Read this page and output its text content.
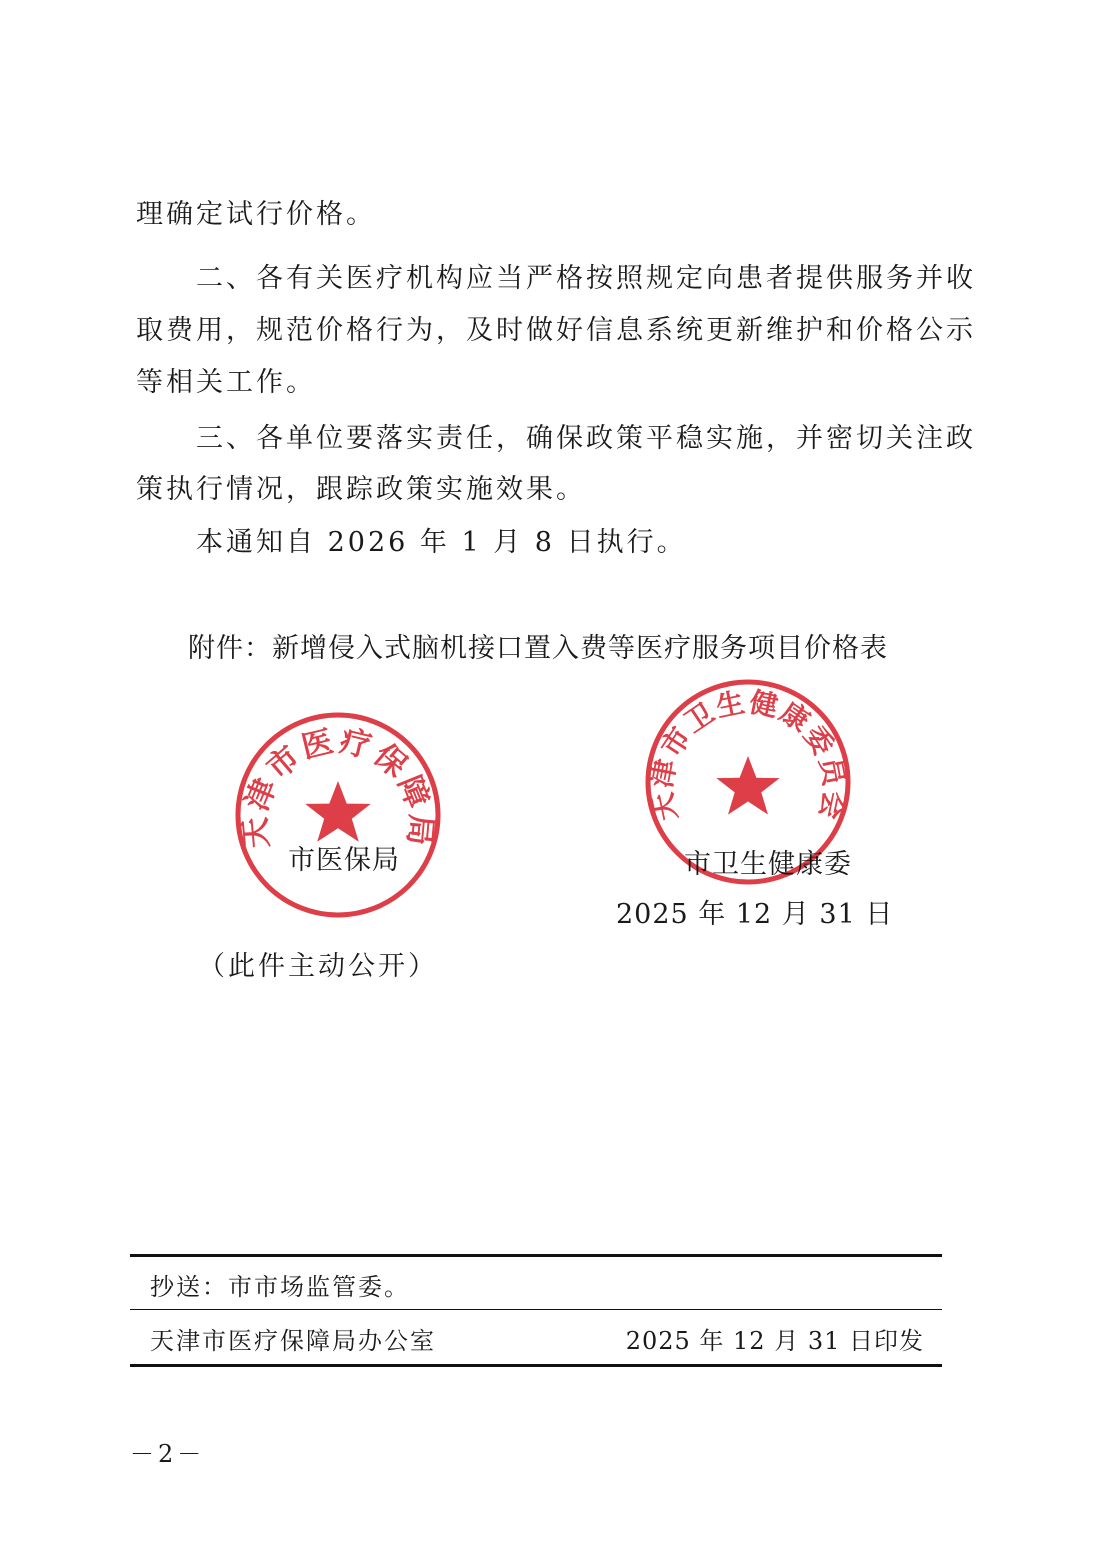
理确定试行价格。

　　二、各有关医疗机构应当严格按照规定向患者提供服务并收

取费用，规范价格行为，及时做好信息系统更新维护和价格公示

等相关工作。

　　三、各单位要落实责任，确保政策平稳实施，并密切关注政

策执行情况，跟踪政策实施效果。

　　本通知自 2026 年 1 月 8 日执行。

附件：新增侵入式脑机接口置入费等医疗服务项目价格表
天津市医疗保障局
天津市卫生健康委员会
市医保局	市卫生健康委
2025 年 12 月 31 日
（此件主动公开）
抄送：市市场监管委。
天津市医疗保障局办公室	2025 年 12 月 31 日印发
－2－
